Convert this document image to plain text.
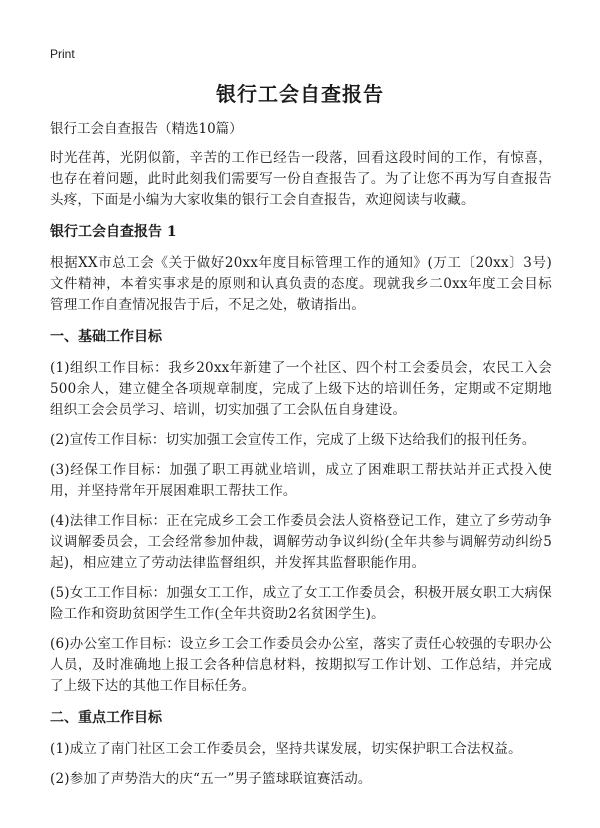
Print
银行工会自查报告
银行工会自查报告（精选10篇）

时光荏苒，光阴似箭，辛苦的工作已经告一段落，回看这段时间的工作，有惊喜，也存在着问题，此时此刻我们需要写一份自查报告了。为了让您不再为写自查报告头疼，下面是小编为大家收集的银行工会自查报告，欢迎阅读与收藏。

银行工会自查报告 1

根据XX市总工会《关于做好20xx年度目标管理工作的通知》(万工〔20xx〕3号)文件精神，本着实事求是的原则和认真负责的态度。现就我乡二0xx年度工会目标管理工作自查情况报告于后，不足之处，敬请指出。

一、基础工作目标

(1)组织工作目标：我乡20xx年新建了一个社区、四个村工会委员会，农民工入会500余人，建立健全各项规章制度，完成了上级下达的培训任务，定期或不定期地组织工会会员学习、培训，切实加强了工会队伍自身建设。

(2)宣传工作目标：切实加强工会宣传工作，完成了上级下达给我们的报刊任务。

(3)经保工作目标：加强了职工再就业培训，成立了困难职工帮扶站并正式投入使用，并坚持常年开展困难职工帮扶工作。

(4)法律工作目标：正在完成乡工会工作委员会法人资格登记工作，建立了乡劳动争议调解委员会，工会经常参加仲裁，调解劳动争议纠纷(全年共参与调解劳动纠纷5起)，相应建立了劳动法律监督组织，并发挥其监督职能作用。

(5)女工工作目标：加强女工工作，成立了女工工作委员会，积极开展女职工大病保险工作和资助贫困学生工作(全年共资助2名贫困学生)。

(6)办公室工作目标：设立乡工会工作委员会办公室，落实了责任心较强的专职办公人员，及时准确地上报工会各种信息材料，按期拟写工作计划、工作总结，并完成了上级下达的其他工作目标任务。

二、重点工作目标

(1)成立了南门社区工会工作委员会，坚持共谋发展，切实保护职工合法权益。

(2)参加了声势浩大的庆“五一”男子篮球联谊赛活动。
